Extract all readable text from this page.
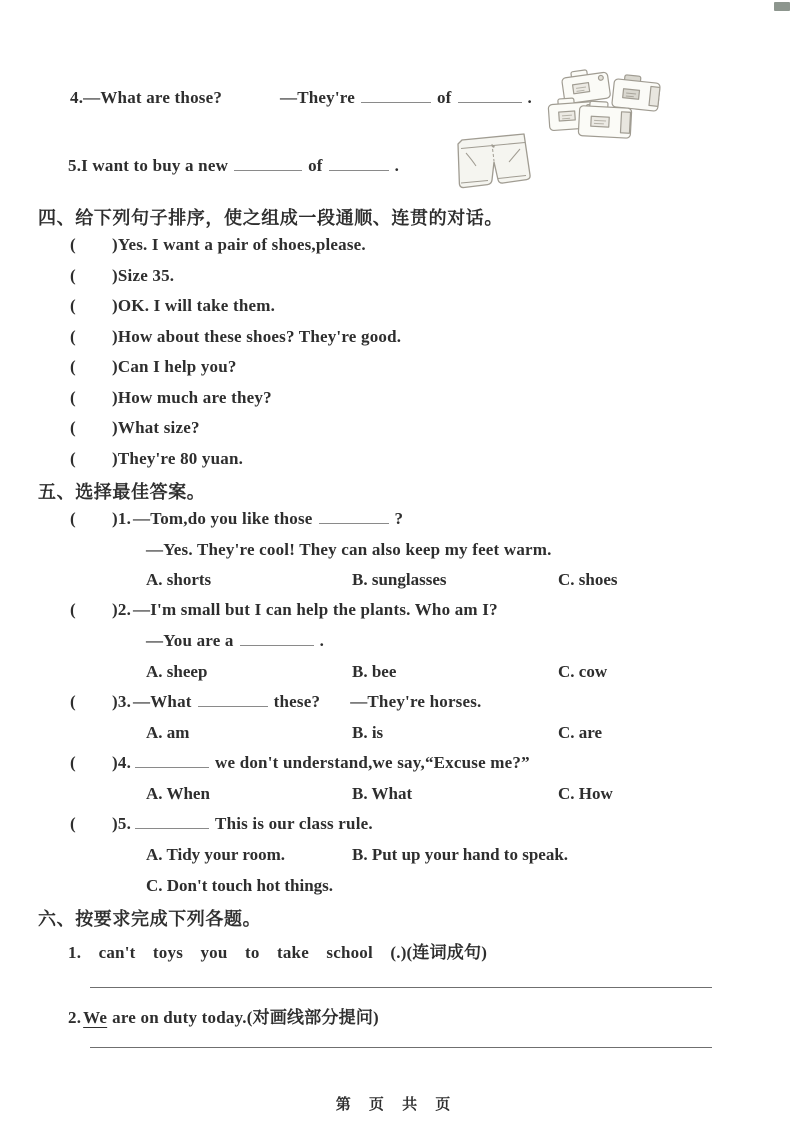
4.—What are those?	—They're	of	.
5.I want to buy a new	of	.
四、给下列句子排序，使之组成一段通顺、连贯的对话。
( )Yes. I want a pair of shoes,please.
( )Size 35.
( )OK. I will take them.
( )How about these shoes? They're good.
( )Can I help you?
( )How much are they?
( )What size?
( )They're 80 yuan.
五、选择最佳答案。
( )1. —Tom,do you like those	?
—Yes. They're cool! They can also keep my feet warm.
A. shorts	B. sunglasses	C. shoes
( )2. —I'm small but I can help the plants. Who am I?
—You are a	.
A. sheep	B. bee	C. cow
( )3. —What	these? —They're horses.
A. am	B. is	C. are
( )4.	we don't understand,we say,“Excuse me?”
A. When	B. What	C. How
( )5.	This is our class rule.
A. Tidy your room.	B. Put up your hand to speak.
C. Don't touch hot things.
六、按要求完成下列各题。
1. can't toys you to take school (.)(连词成句)
2. We are on duty today.(对画线部分提问)
第 页 共 页
